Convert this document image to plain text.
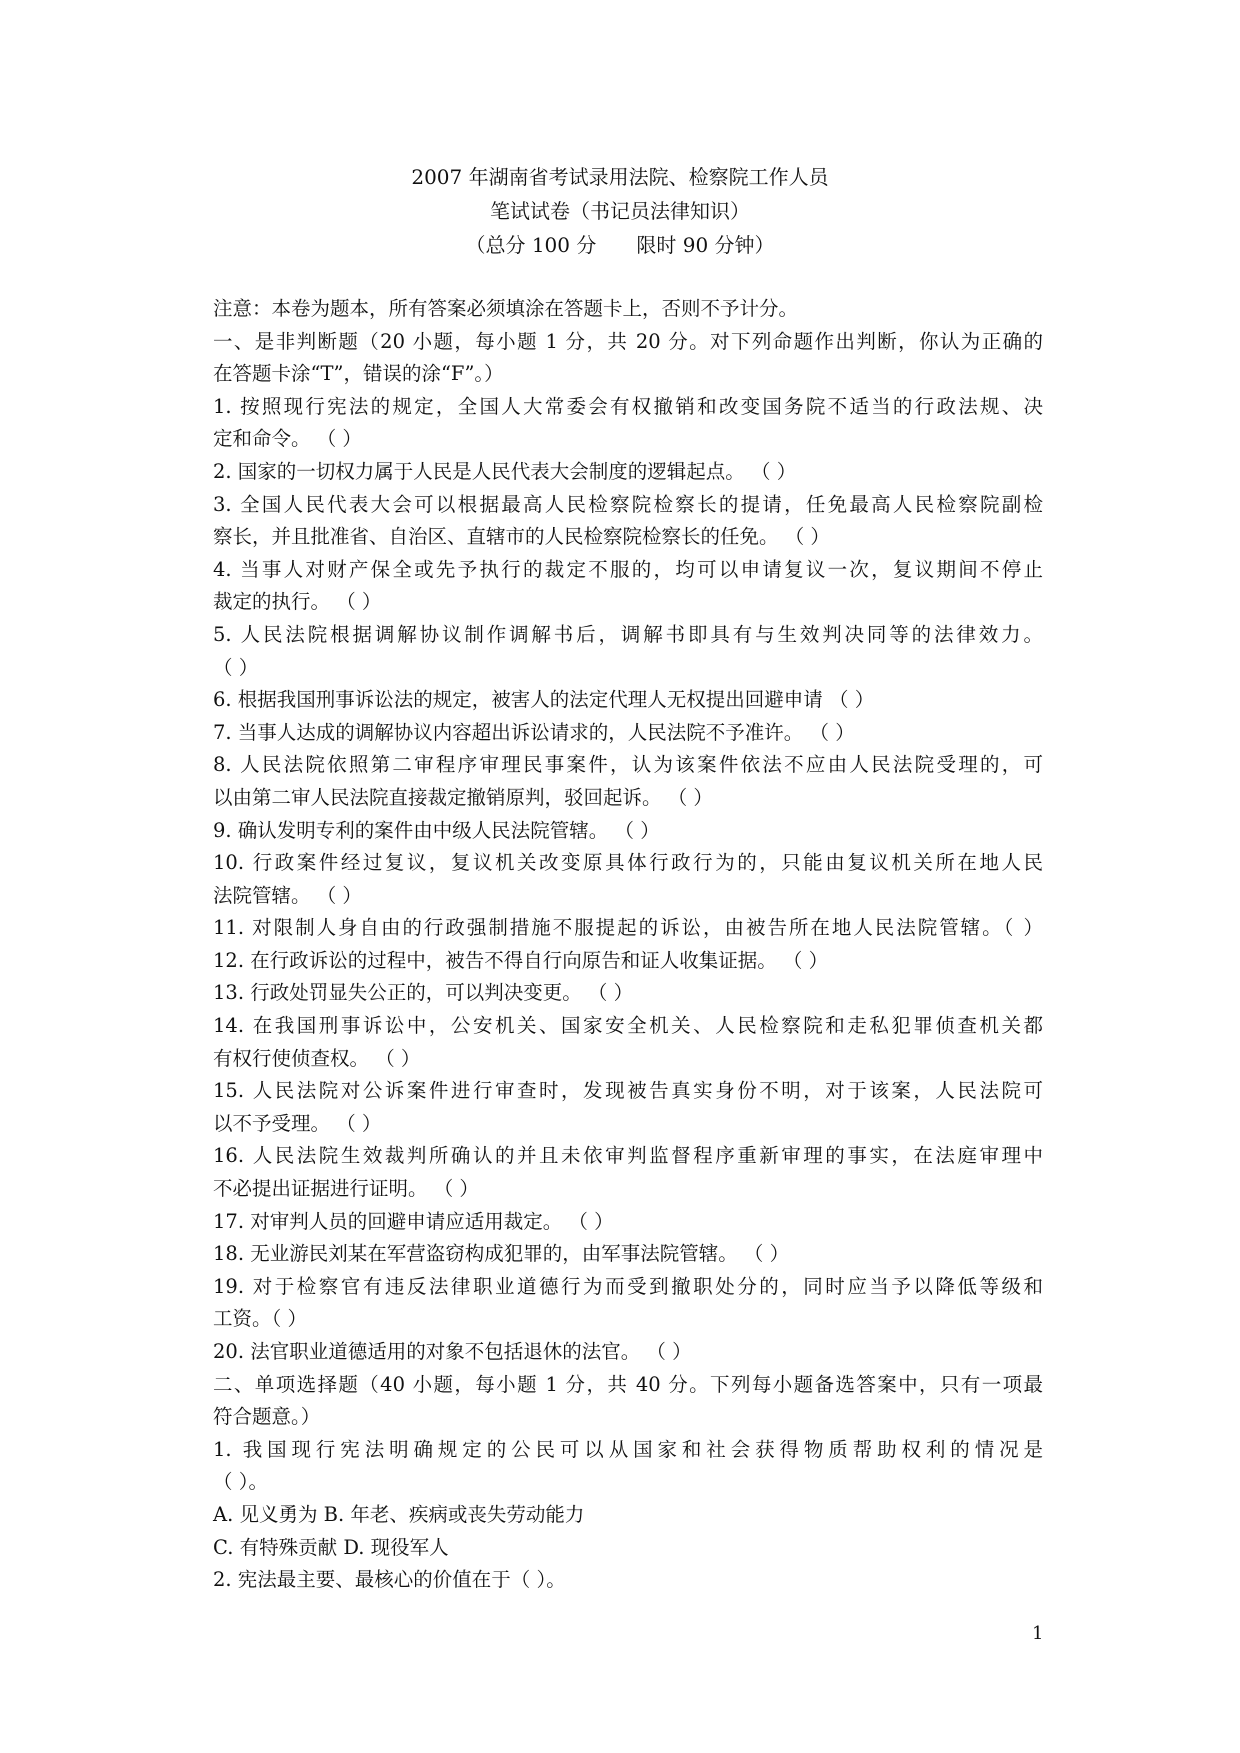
2007 年湖南省考试录用法院、检察院工作人员
笔试试卷（书记员法律知识）
（总分 100 分　　限时 90 分钟）
注意：本卷为题本，所有答案必须填涂在答题卡上，否则不予计分。
一、是非判断题（20 小题，每小题 1 分，共 20 分。对下列命题作出判断，你认为正确的
在答题卡涂“T”，错误的涂“F”。）
1. 按照现行宪法的规定，全国人大常委会有权撤销和改变国务院不适当的行政法规、决
定和命令。 （ ）
2. 国家的一切权力属于人民是人民代表大会制度的逻辑起点。 （ ）
3. 全国人民代表大会可以根据最高人民检察院检察长的提请，任免最高人民检察院副检
察长，并且批准省、自治区、直辖市的人民检察院检察长的任免。 （ ）
4. 当事人对财产保全或先予执行的裁定不服的，均可以申请复议一次，复议期间不停止
裁定的执行。 （ ）
5. 人民法院根据调解协议制作调解书后，调解书即具有与生效判决同等的法律效力。
（ ）
6. 根据我国刑事诉讼法的规定，被害人的法定代理人无权提出回避申请 （ ）
7. 当事人达成的调解协议内容超出诉讼请求的，人民法院不予准许。 （ ）
8. 人民法院依照第二审程序审理民事案件，认为该案件依法不应由人民法院受理的，可
以由第二审人民法院直接裁定撤销原判，驳回起诉。 （ ）
9. 确认发明专利的案件由中级人民法院管辖。 （ ）
10. 行政案件经过复议，复议机关改变原具体行政行为的，只能由复议机关所在地人民
法院管辖。 （ ）
11. 对限制人身自由的行政强制措施不服提起的诉讼，由被告所在地人民法院管辖。（ ）
12. 在行政诉讼的过程中，被告不得自行向原告和证人收集证据。 （ ）
13. 行政处罚显失公正的，可以判决变更。 （ ）
14. 在我国刑事诉讼中，公安机关、国家安全机关、人民检察院和走私犯罪侦查机关都
有权行使侦查权。 （ ）
15. 人民法院对公诉案件进行审查时，发现被告真实身份不明，对于该案，人民法院可
以不予受理。 （ ）
16. 人民法院生效裁判所确认的并且未依审判监督程序重新审理的事实，在法庭审理中
不必提出证据进行证明。 （ ）
17. 对审判人员的回避申请应适用裁定。 （ ）
18. 无业游民刘某在军营盗窃构成犯罪的，由军事法院管辖。 （ ）
19. 对于检察官有违反法律职业道德行为而受到撤职处分的，同时应当予以降低等级和
工资。（ ）
20. 法官职业道德适用的对象不包括退休的法官。 （ ）
二、单项选择题（40 小题，每小题 1 分，共 40 分。下列每小题备选答案中，只有一项最
符合题意。）
1. 我国现行宪法明确规定的公民可以从国家和社会获得物质帮助权利的情况是
（ ）。
A. 见义勇为 B. 年老、疾病或丧失劳动能力
C. 有特殊贡献 D. 现役军人
2. 宪法最主要、最核心的价值在于（ ）。
1
